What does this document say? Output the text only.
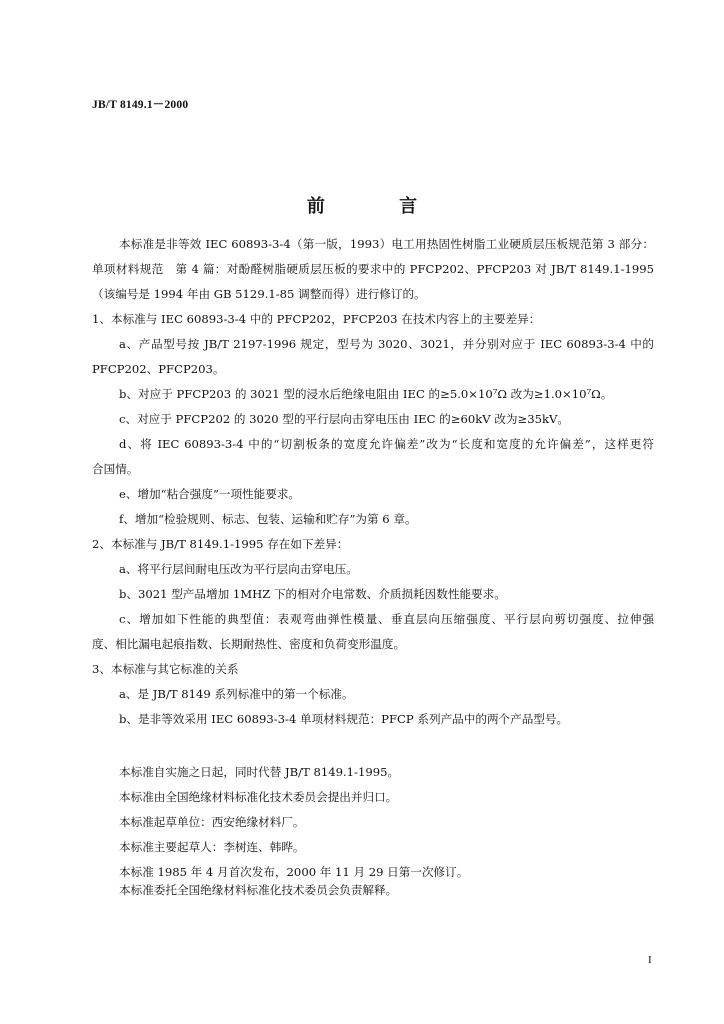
JB/T 8149.1－2000
前 言
本标准是非等效 IEC 60893-3-4（第一版，1993）电工用热固性树脂工业硬质层压板规范第 3 部分：
单项材料规范　第 4 篇：对酚醛树脂硬质层压板的要求中的 PFCP202、PFCP203 对 JB/T 8149.1-1995
（该编号是 1994 年由 GB 5129.1-85 调整而得）进行修订的。
1、本标准与 IEC 60893-3-4 中的 PFCP202，PFCP203 在技术内容上的主要差异：
a、产品型号按 JB/T 2197-1996 规定，型号为 3020、3021，并分别对应于 IEC 60893-3-4 中的
PFCP202、PFCP203。
b、对应于 PFCP203 的 3021 型的浸水后绝缘电阻由 IEC 的≥5.0×10⁷Ω 改为≥1.0×10⁷Ω。
c、对应于 PFCP202 的 3020 型的平行层向击穿电压由 IEC 的≥60kV 改为≥35kV。
d、将 IEC 60893-3-4 中的“切割板条的宽度允许偏差”改为“长度和宽度的允许偏差”，这样更符
合国情。
e、增加“粘合强度”一项性能要求。
f、增加“检验规则、标志、包装、运输和贮存”为第 6 章。
2、本标准与 JB/T 8149.1-1995 存在如下差异：
a、将平行层间耐电压改为平行层向击穿电压。
b、3021 型产品增加 1MHZ 下的相对介电常数、介质损耗因数性能要求。
c、增加如下性能的典型值：表观弯曲弹性模量、垂直层向压缩强度、平行层向剪切强度、拉伸强
度、相比漏电起痕指数、长期耐热性、密度和负荷变形温度。
3、本标准与其它标准的关系
a、是 JB/T 8149 系列标准中的第一个标准。
b、是非等效采用 IEC 60893-3-4 单项材料规范：PFCP 系列产品中的两个产品型号。
本标准自实施之日起，同时代替 JB/T 8149.1-1995。
本标准由全国绝缘材料标准化技术委员会提出并归口。
本标准起草单位：西安绝缘材料厂。
本标准主要起草人：李树连、韩晔。
本标准 1985 年 4 月首次发布，2000 年 11 月 29 日第一次修订。
本标准委托全国绝缘材料标准化技术委员会负责解释。
I
